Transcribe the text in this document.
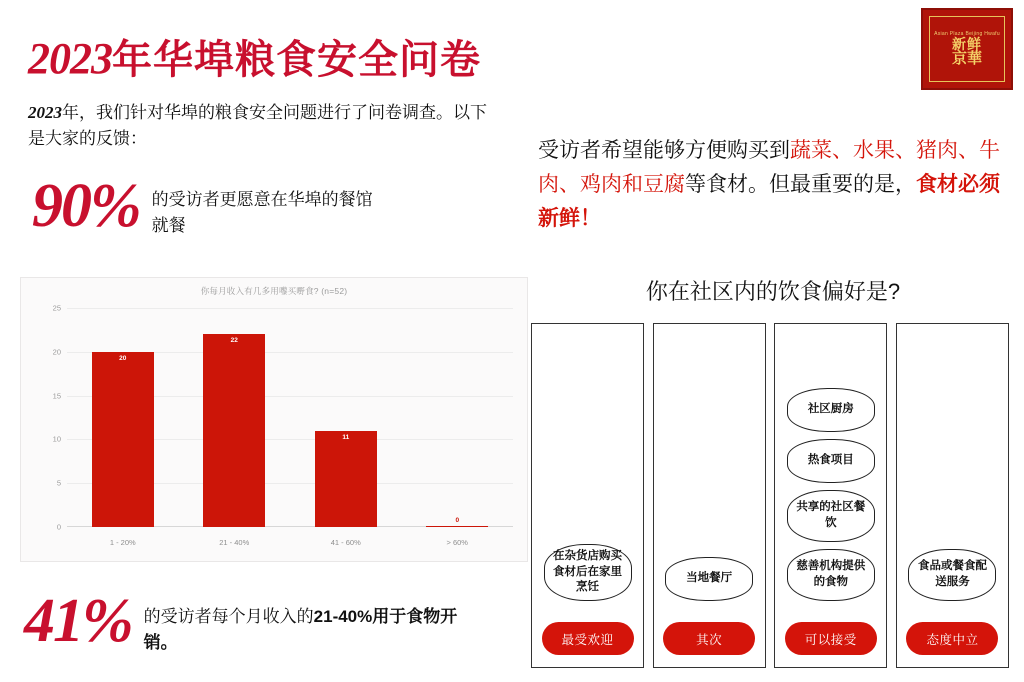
Asian Plaza Beijing Hwafu
新鲜
京華
2023年华埠粮食安全问卷
2023年，我们针对华埠的粮食安全问题进行了问卷调查。以下是大家的反馈：
90% 的受访者更愿意在华埠的餐馆就餐
你每月收入有几多用嚟买嘢食? (n=52)
0
5
10
15
20
25
20
22
11
0
1 - 20%	21 - 40%	41 - 60%	> 60%
41% 的受访者每个月收入的21-40%用于食物开销。
受访者希望能够方便购买到蔬菜、水果、猪肉、牛肉、鸡肉和豆腐等食材。但最重要的是，食材必须新鲜！
你在社区内的饮食偏好是?
在杂货店购买食材后在家里烹饪
最受欢迎
当地餐厅
其次
社区厨房
热食项目
共享的社区餐饮
慈善机构提供的食物
可以接受
食品或餐食配送服务
态度中立
